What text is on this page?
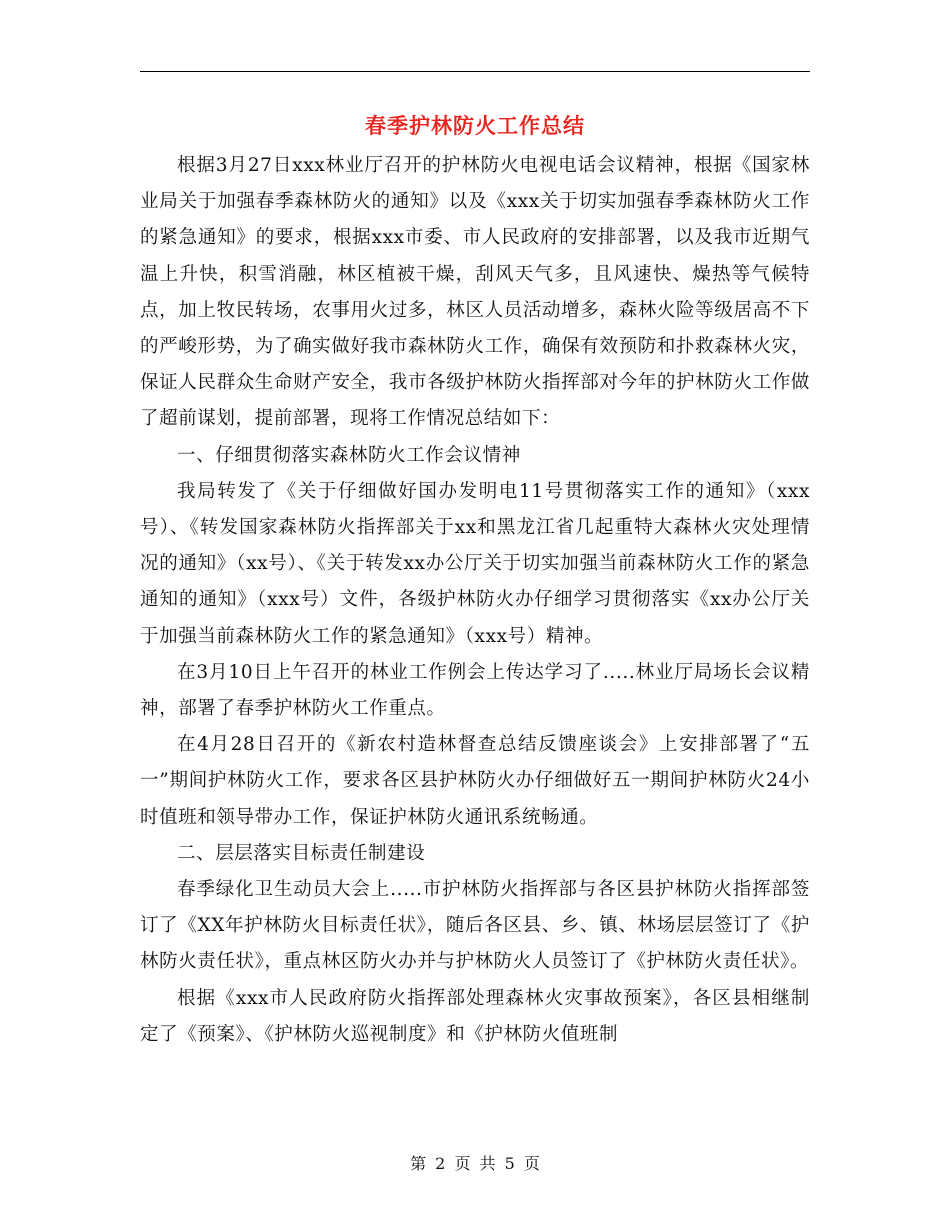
春季护林防火工作总结

根据3月27日xxx林业厅召开的护林防火电视电话会议精神，根据《国家林业局关于加强春季森林防火的通知》以及《xxx关于切实加强春季森林防火工作的紧急通知》的要求，根据xxx市委、市人民政府的安排部署，以及我市近期气温上升快，积雪消融，林区植被干燥，刮风天气多，且风速快、燥热等气候特点，加上牧民转场，农事用火过多，林区人员活动增多，森林火险等级居高不下的严峻形势，为了确实做好我市森林防火工作，确保有效预防和扑救森林火灾，保证人民群众生命财产安全，我市各级护林防火指挥部对今年的护林防火工作做了超前谋划，提前部署，现将工作情况总结如下：

一、仔细贯彻落实森林防火工作会议情神

我局转发了《关于仔细做好国办发明电11号贯彻落实工作的通知》（xxx号）、《转发国家森林防火指挥部关于xx和黑龙江省几起重特大森林火灾处理情况的通知》（xx号）、《关于转发xx办公厅关于切实加强当前森林防火工作的紧急通知的通知》（xxx号）文件，各级护林防火办仔细学习贯彻落实《xx办公厅关于加强当前森林防火工作的紧急通知》（xxx号）精神。

在3月10日上午召开的林业工作例会上传达学习了.....林业厅局场长会议精神，部署了春季护林防火工作重点。

在4月28日召开的《新农村造林督查总结反馈座谈会》上安排部署了“五一”期间护林防火工作，要求各区县护林防火办仔细做好五一期间护林防火24小时值班和领导带办工作，保证护林防火通讯系统畅通。

二、层层落实目标责任制建设

春季绿化卫生动员大会上.....市护林防火指挥部与各区县护林防火指挥部签订了《XX年护林防火目标责任状》，随后各区县、乡、镇、林场层层签订了《护林防火责任状》，重点林区防火办并与护林防火人员签订了《护林防火责任状》。

根据《xxx市人民政府防火指挥部处理森林火灾事故预案》，各区县相继制定了《预案》、《护林防火巡视制度》和《护林防火值班制

第 2 页 共 5 页
